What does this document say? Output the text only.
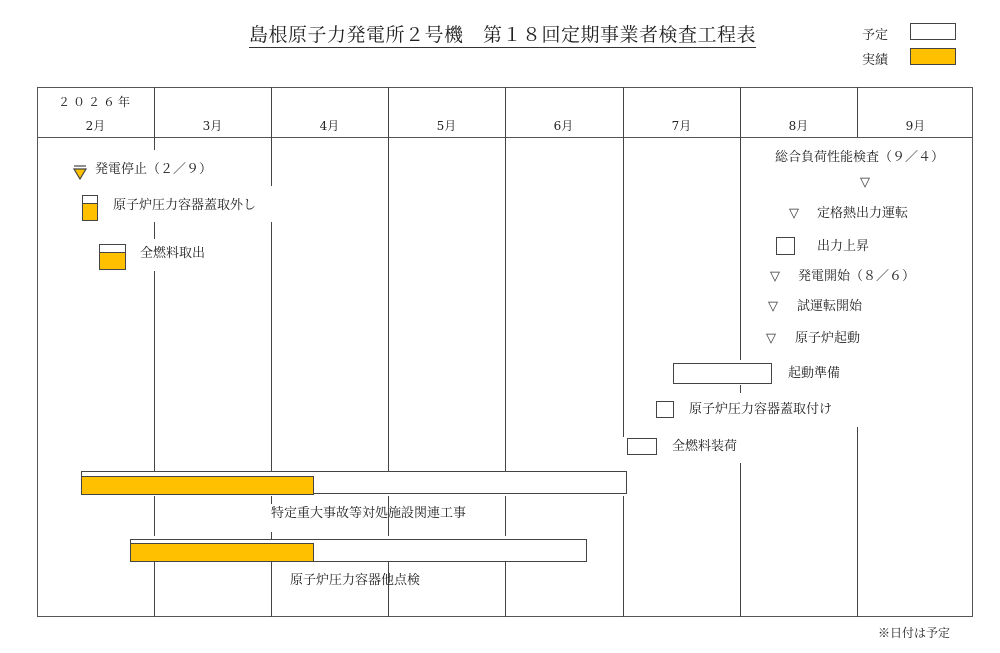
島根原子力発電所２号機　第１８回定期事業者検査工程表	予定
実績
２０２６年
2月	3月	4月	5月	6月	7月	8月	9月
発電停止（２／９）
原子炉圧力容器蓋取外し
全燃料取出
総合負荷性能検査（９／４）
▽
▽ 定格熱出力運転
出力上昇
▽ 発電開始（８／６）
▽ 試運転開始
▽ 原子炉起動
起動準備
原子炉圧力容器蓋取付け
全燃料装荷
特定重大事故等対処施設関連工事
原子炉圧力容器他点検
※日付は予定
